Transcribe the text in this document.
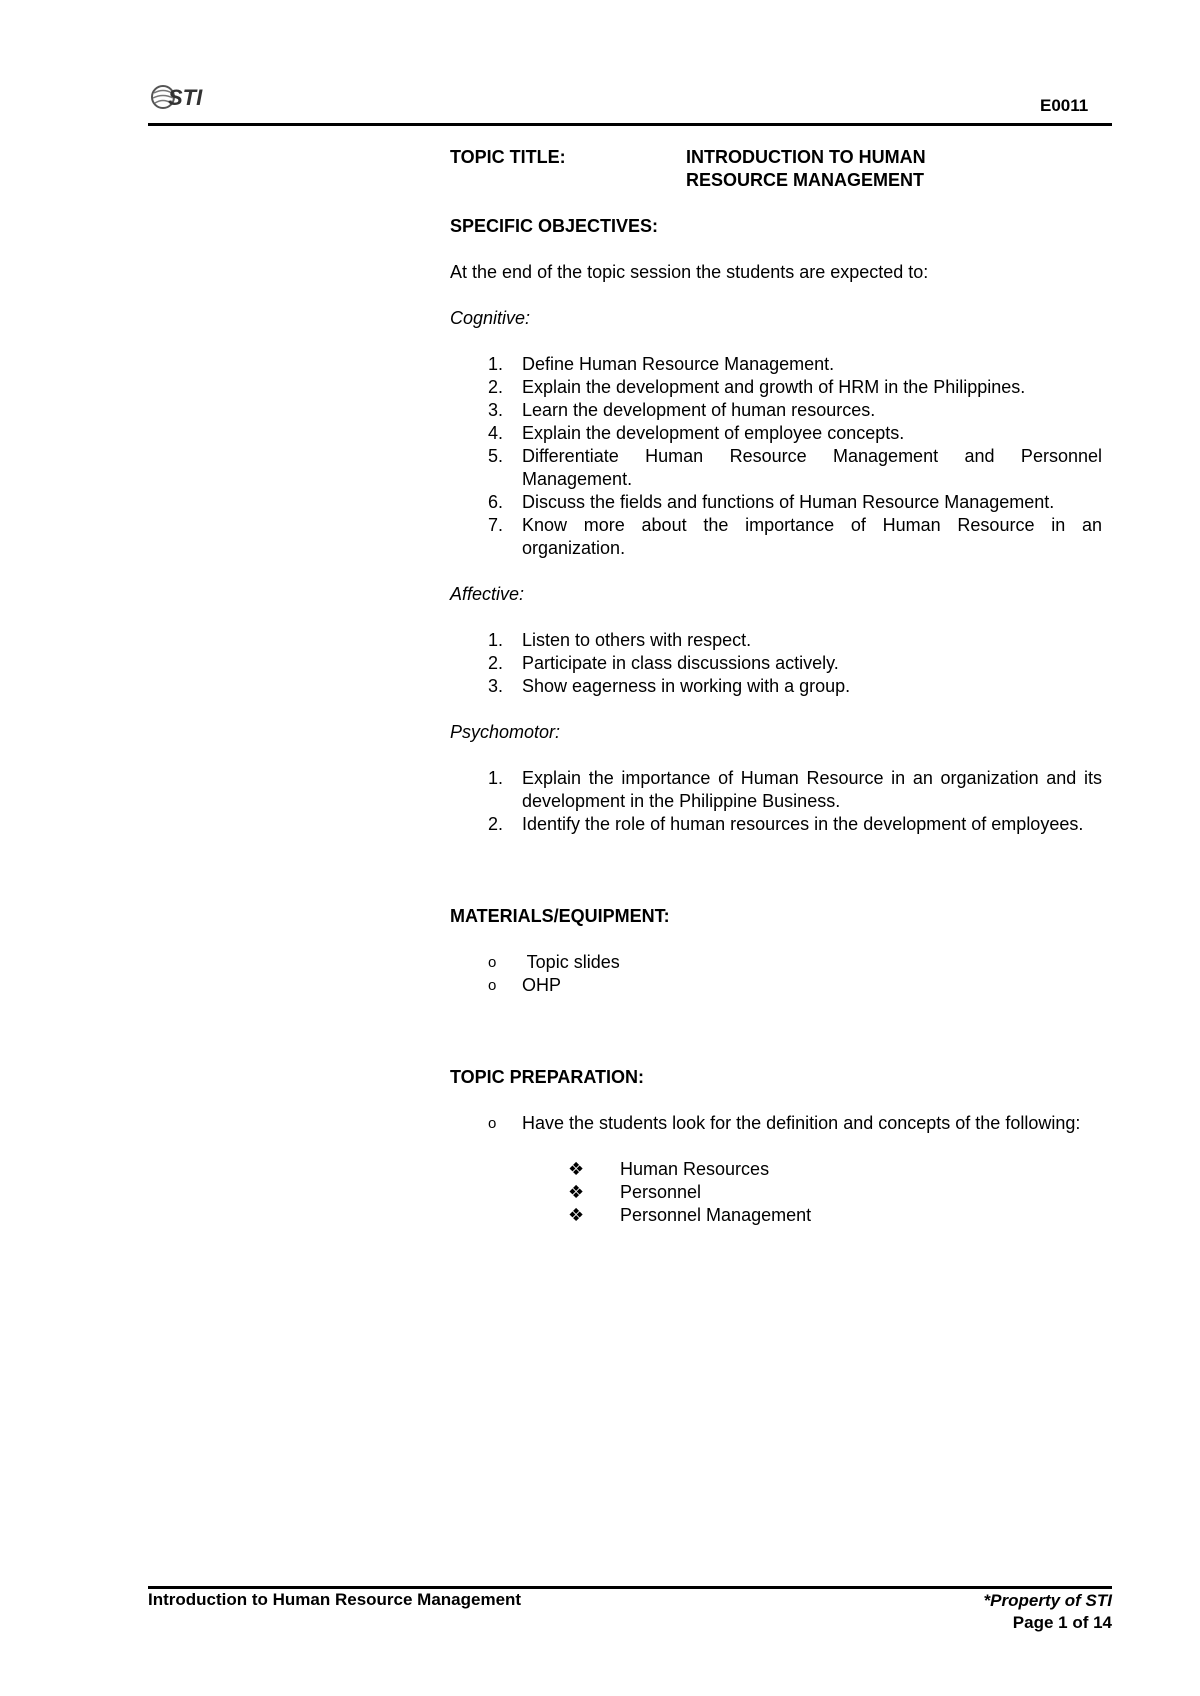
STI	E0011
TOPIC TITLE:	INTRODUCTION TO HUMAN
RESOURCE MANAGEMENT
SPECIFIC OBJECTIVES:
At the end of the topic session the students are expected to:
Cognitive:
1.	Define Human Resource Management.
2.	Explain the development and growth of HRM in the Philippines.
3.	Learn the development of human resources.
4.	Explain the development of employee concepts.
5.	Differentiate Human Resource Management and Personnel Management.
6.	Discuss the fields and functions of Human Resource Management.
7.	Know more about the importance of Human Resource in an organization.
Affective:
1.	Listen to others with respect.
2.	Participate in class discussions actively.
3.	Show eagerness in working with a group.
Psychomotor:
1.	Explain the importance of Human Resource in an organization and its development in the Philippine Business.
2.	Identify the role of human resources in the development of employees.
MATERIALS/EQUIPMENT:
o	Topic slides
o	OHP
TOPIC PREPARATION:
o	Have the students look for the definition and concepts of the following:
❖	Human Resources
❖	Personnel
❖	Personnel Management
Introduction to Human Resource Management	*Property of STI
Page 1 of 14
